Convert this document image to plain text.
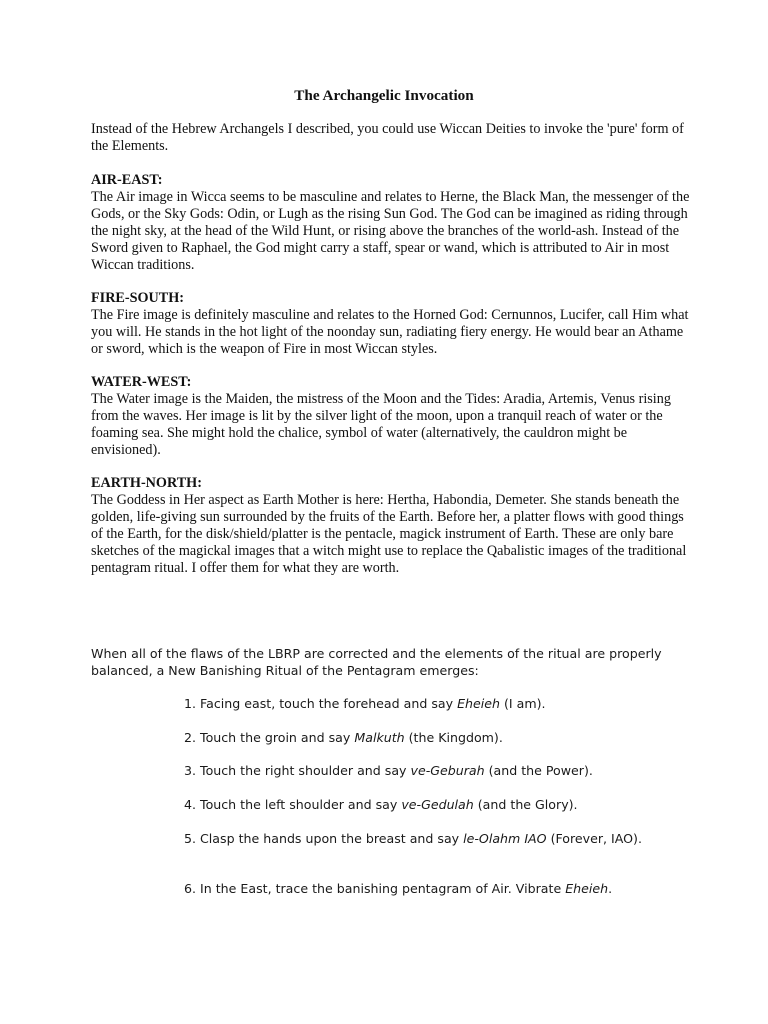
The Archangelic Invocation

Instead of the Hebrew Archangels I described, you could use Wiccan Deities to invoke the 'pure' form of the Elements.

AIR-EAST:
The Air image in Wicca seems to be masculine and relates to Herne, the Black Man, the messenger of the Gods, or the Sky Gods: Odin, or Lugh as the rising Sun God. The God can be imagined as riding through the night sky, at the head of the Wild Hunt, or rising above the branches of the world-ash. Instead of the Sword given to Raphael, the God might carry a staff, spear or wand, which is attributed to Air in most Wiccan traditions.
FIRE-SOUTH:
The Fire image is definitely masculine and relates to the Horned God: Cernunnos, Lucifer, call Him what you will. He stands in the hot light of the noonday sun, radiating fiery energy. He would bear an Athame or sword, which is the weapon of Fire in most Wiccan styles.
WATER-WEST:
The Water image is the Maiden, the mistress of the Moon and the Tides: Aradia, Artemis, Venus rising from the waves. Her image is lit by the silver light of the moon, upon a tranquil reach of water or the foaming sea. She might hold the chalice, symbol of water (alternatively, the cauldron might be envisioned).
EARTH-NORTH:
The Goddess in Her aspect as Earth Mother is here: Hertha, Habondia, Demeter. She stands beneath the golden, life-giving sun surrounded by the fruits of the Earth. Before her, a platter flows with good things of the Earth, for the disk/shield/platter is the pentacle, magick instrument of Earth. These are only bare sketches of the magickal images that a witch might use to replace the Qabalistic images of the traditional pentagram ritual. I offer them for what they are worth.

When all of the flaws of the LBRP are corrected and the elements of the ritual are properly balanced, a New Banishing Ritual of the Pentagram emerges:

1. Facing east, touch the forehead and say Eheieh (I am).
2. Touch the groin and say Malkuth (the Kingdom).
3. Touch the right shoulder and say ve-Geburah (and the Power).
4. Touch the left shoulder and say ve-Gedulah (and the Glory).
5. Clasp the hands upon the breast and say le-Olahm IAO (Forever, IAO).
6. In the East, trace the banishing pentagram of Air. Vibrate Eheieh.
